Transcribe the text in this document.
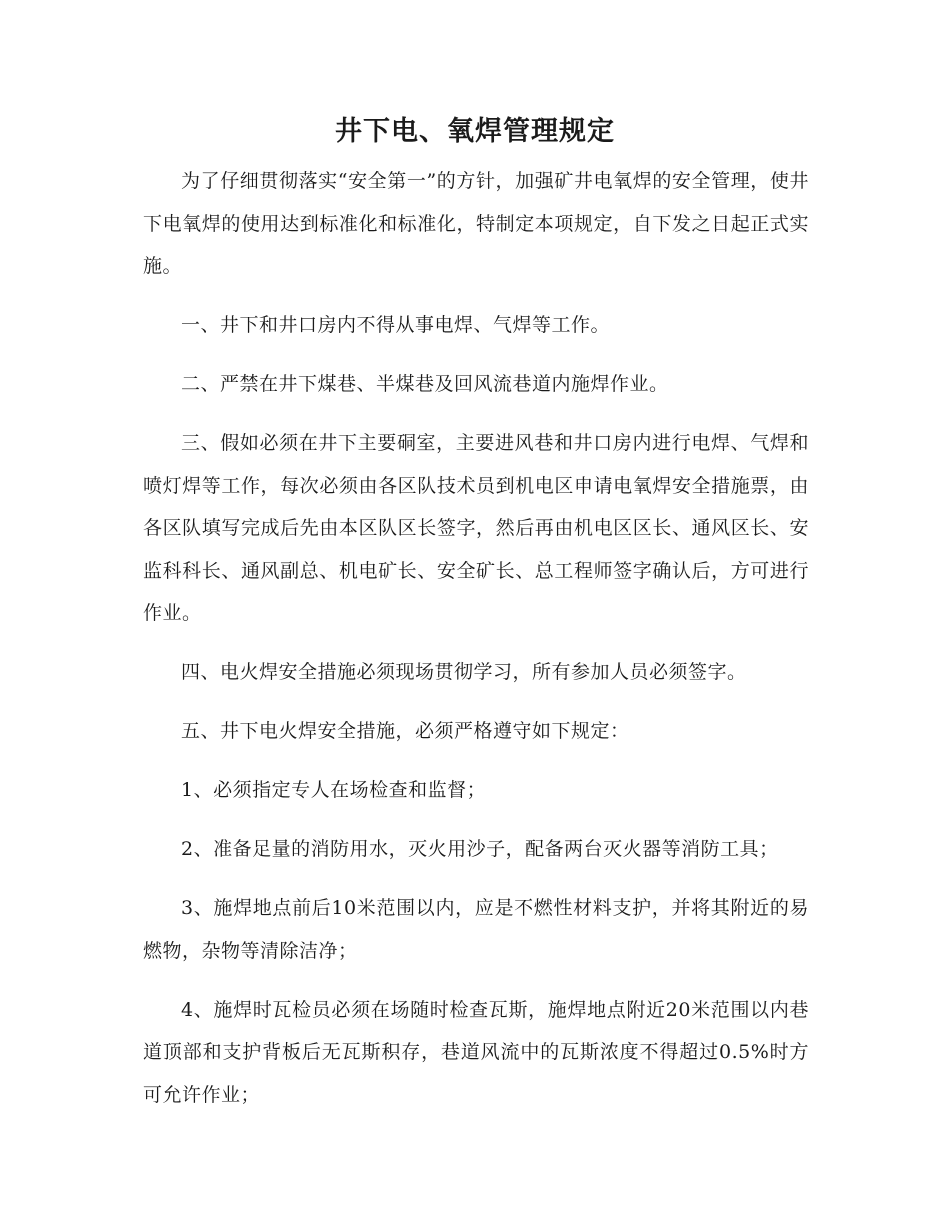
井下电、氧焊管理规定

为了仔细贯彻落实“安全第一”的方针，加强矿井电氧焊的安全管理，使井下电氧焊的使用达到标准化和标准化，特制定本项规定，自下发之日起正式实施。

一、井下和井口房内不得从事电焊、气焊等工作。

二、严禁在井下煤巷、半煤巷及回风流巷道内施焊作业。

三、假如必须在井下主要硐室，主要进风巷和井口房内进行电焊、气焊和喷灯焊等工作，每次必须由各区队技术员到机电区申请电氧焊安全措施票，由各区队填写完成后先由本区队区长签字，然后再由机电区区长、通风区长、安监科科长、通风副总、机电矿长、安全矿长、总工程师签字确认后，方可进行作业。

四、电火焊安全措施必须现场贯彻学习，所有参加人员必须签字。

五、井下电火焊安全措施，必须严格遵守如下规定：

1、必须指定专人在场检查和监督；

2、准备足量的消防用水，灭火用沙子，配备两台灭火器等消防工具；

3、施焊地点前后10米范围以内，应是不燃性材料支护，并将其附近的易燃物，杂物等清除洁净；

4、施焊时瓦检员必须在场随时检查瓦斯，施焊地点附近20米范围以内巷道顶部和支护背板后无瓦斯积存，巷道风流中的瓦斯浓度不得超过0.5%时方可允许作业；
